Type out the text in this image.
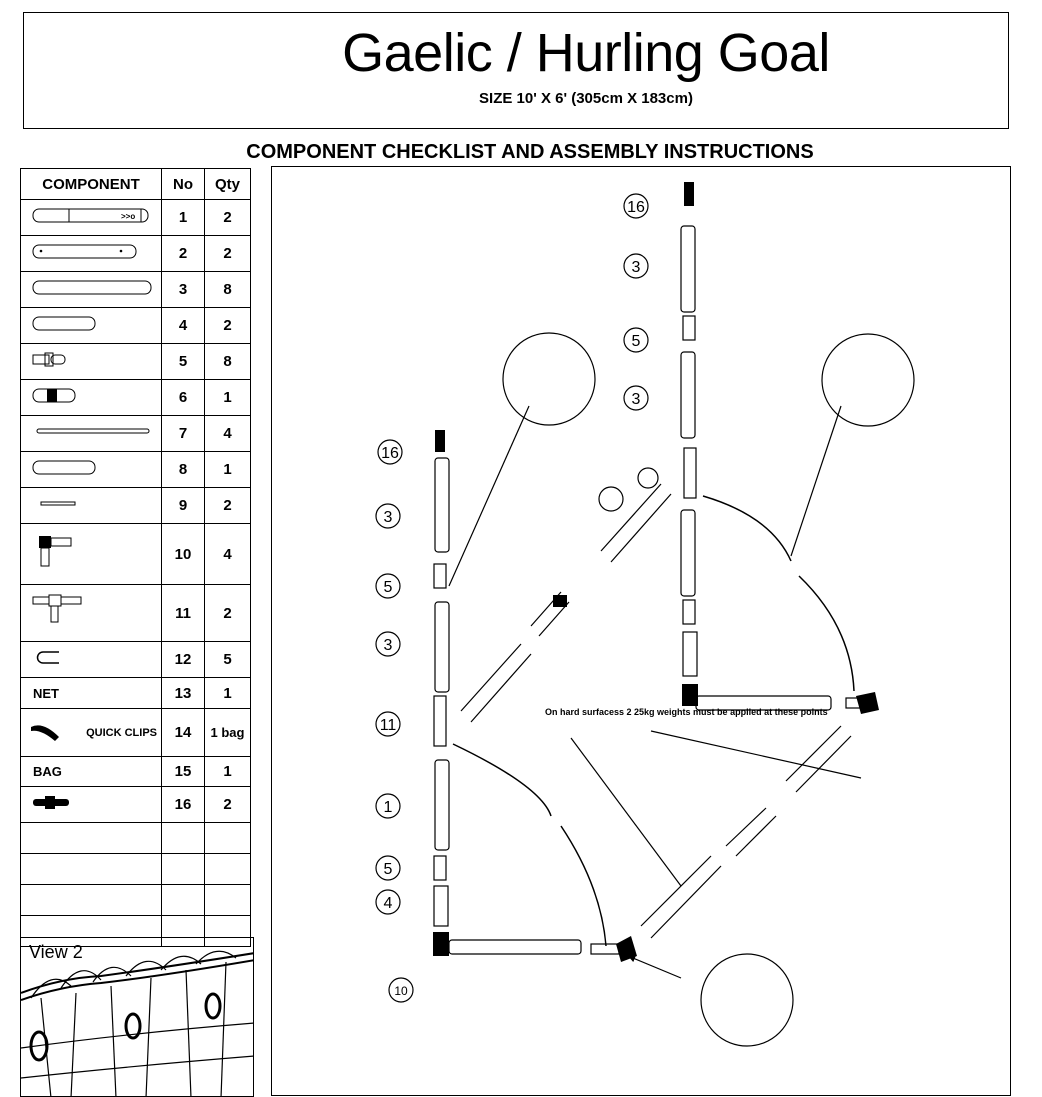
Gaelic / Hurling Goal
SIZE 10' X 6' (305cm X 183cm)
COMPONENT CHECKLIST AND ASSEMBLY INSTRUCTIONS
COMPONENT	No	Qty

>>o	1	2
	2	2
	3	8
	4	2
	5	8
	6	1
	7	4
	8	1
	9	2
	10	4
	11	2
	12	5
NET	13	1

QUICK CLIPS	14	1 bag
BAG	15	1
	16	2

View 2
16
3
5
3
16
3
5
3
11
1
5
4
10
On hard surfacess 2 25kg weights must be applied at these points
